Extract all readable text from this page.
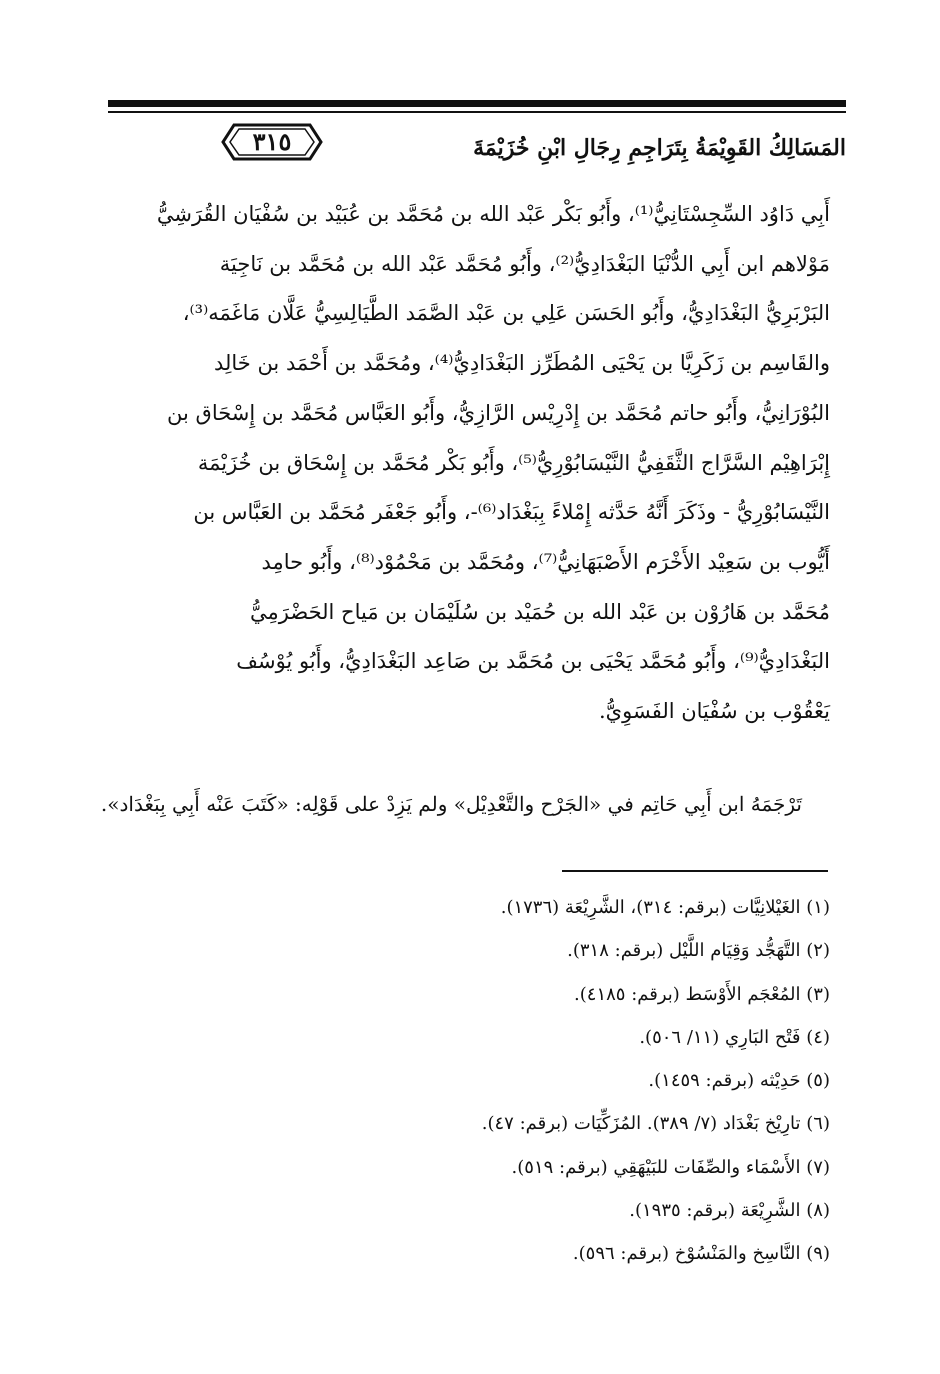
المَسَالِكُ القَوِيْمَةُ بِتَرَاجِمِ رِجَالِ ابْنِ خُزَيْمَةَ
٣١٥

أَبِي دَاوُد السِّجِسْتَانِيُّ⁽¹⁾، وأَبُو بَكْر عَبْد الله بن مُحَمَّد بن عُبَيْد بن سُفْيَان القُرَشِيُّ

مَوْلاهم ابن أَبِي الدُّنْيَا البَغْدَادِيُّ⁽²⁾، وأَبُو مُحَمَّد عَبْد الله بن مُحَمَّد بن نَاجِيَة

البَرْبَرِيُّ البَغْدَادِيُّ، وأَبُو الحَسَن عَلِي بن عَبْد الصَّمَد الطَّيَالِسِيُّ عَلَّان مَاغَمَه⁽³⁾،

والقَاسِم بن زَكَرِيَّا بن يَحْيَى المُطَرِّز البَغْدَادِيُّ⁽⁴⁾، ومُحَمَّد بن أَحْمَد بن خَالِد

البُوْرَانِيُّ، وأَبُو حاتم مُحَمَّد بن إِدْرِيْس الرَّازِيُّ، وأَبُو العَبَّاس مُحَمَّد بن إِسْحَاق بن

إِبْرَاهِيْم السَّرَّاج الثَّقَفِيُّ النَّيْسَابُوْرِيُّ⁽⁵⁾، وأَبُو بَكْر مُحَمَّد بن إِسْحَاق بن خُزَيْمَة

النَّيْسَابُوْرِيُّ - وذَكَرَ أَنَّهُ حَدَّثه إِمْلاءً بِبَغْدَاد⁽⁶⁾-، وأَبُو جَعْفَر مُحَمَّد بن العَبَّاس بن

أَيُّوب بن سَعِيْد الأَخْرَم الأَصْبَهَانِيُّ⁽⁷⁾، ومُحَمَّد بن مَحْمُوْد⁽⁸⁾، وأَبُو حامِد

مُحَمَّد بن هَارُوْن بن عَبْد الله بن حُمَيْد بن سُلَيْمَان بن مَياح الحَضْرَمِيُّ

البَغْدَادِيُّ⁽⁹⁾، وأَبُو مُحَمَّد يَحْيَى بن مُحَمَّد بن صَاعِد البَغْدَادِيُّ، وأَبُو يُوْسُف

يَعْقُوْب بن سُفْيَان الفَسَوِيُّ.

تَرْجَمَهُ ابن أَبِي حَاتِم في «الجَرْح والتَّعْدِيْل» ولم يَزِدْ على قَوْلِه: «كَتَبَ عَنْه أَبِي بِبَغْدَاد».
(١) الغَيْلانِيَّات (برقم: ٣١٤)، الشَّرِيْعَة (١٧٣٦).
(٢) التَّهَجُّد وَقِيَام اللَّيْل (برقم: ٣١٨).
(٣) المُعْجَم الأَوْسَط (برقم: ٤١٨٥).
(٤) فَتْح البَارِي (١١/ ٥٠٦).
(٥) حَدِيْثه (برقم: ١٤٥٩).
(٦) تارِيْخ بَغْدَاد (٧/ ٣٨٩). المُزَكِّيَات (برقم: ٤٧).
(٧) الأَسْمَاء والصِّفَات للبَيْهَقِي (برقم: ٥١٩).
(٨) الشَّرِيْعَة (برقم: ١٩٣٥).
(٩) النَّاسِخ والمَنْسُوْخ (برقم: ٥٩٦).
